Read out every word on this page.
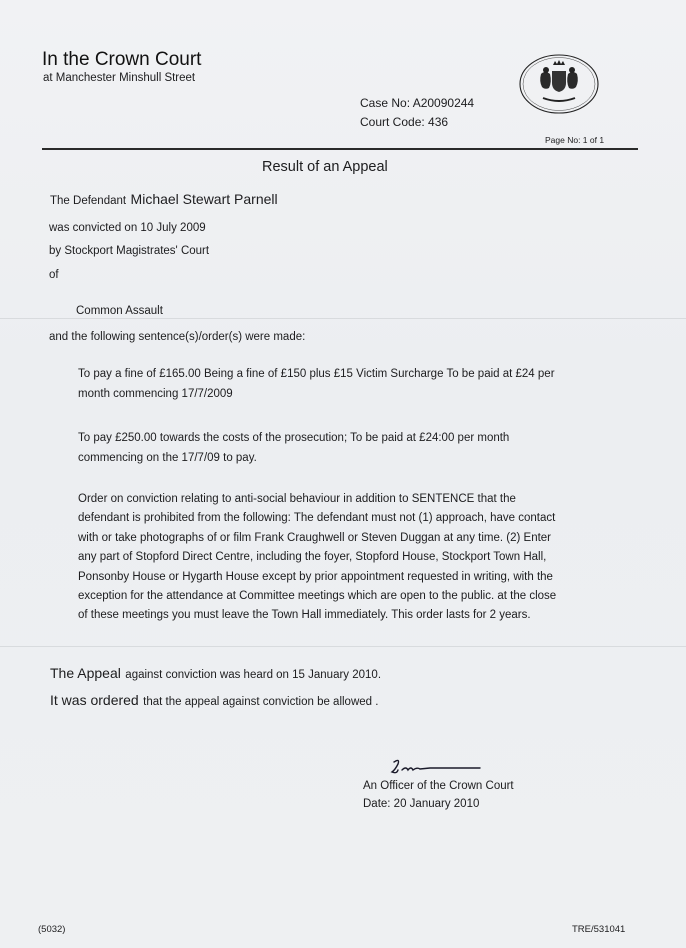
In the Crown Court
at Manchester Minshull Street
Case No: A20090244
Court Code: 436
Page No: 1 of 1
Result of an Appeal
The Defendant Michael Stewart Parnell
was convicted on 10 July 2009
by Stockport Magistrates' Court
of
Common Assault
and the following sentence(s)/order(s) were made:
To pay a fine of £165.00 Being a fine of £150 plus £15 Victim Surcharge To be paid at £24 per month commencing 17/7/2009
To pay £250.00 towards the costs of the prosecution; To be paid at £24:00 per month commencing on the 17/7/09 to pay.
Order on conviction relating to anti-social behaviour in addition to SENTENCE that the defendant is prohibited from the following: The defendant must not (1) approach, have contact with or take photographs of or film Frank Craughwell or Steven Duggan at any time. (2) Enter any part of Stopford Direct Centre, including the foyer, Stopford House, Stockport Town Hall, Ponsonby House or Hygarth House except by prior appointment requested in writing, with the exception for the attendance at Committee meetings which are open to the public. at the close of these meetings you must leave the Town Hall immediately. This order lasts for 2 years.
The Appeal against conviction was heard on 15 January 2010.
It was ordered that the appeal against conviction be allowed .
An Officer of the Crown Court
Date: 20 January 2010
(5032)	TRE/531041
